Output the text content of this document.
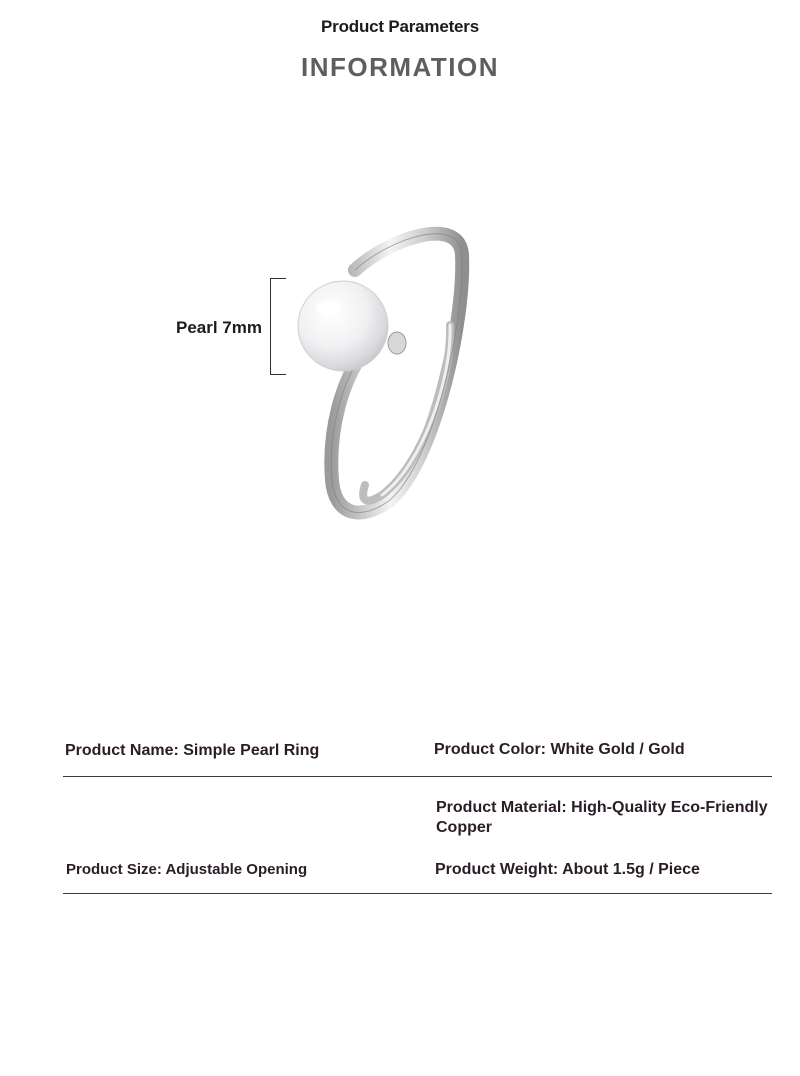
Product Parameters
INFORMATION
Pearl 7mm
Product Name: Simple Pearl Ring	Product Color: White Gold / Gold
Product Material: High-Quality Eco-Friendly Copper
Product Size: Adjustable Opening	Product Weight: About 1.5g / Piece
